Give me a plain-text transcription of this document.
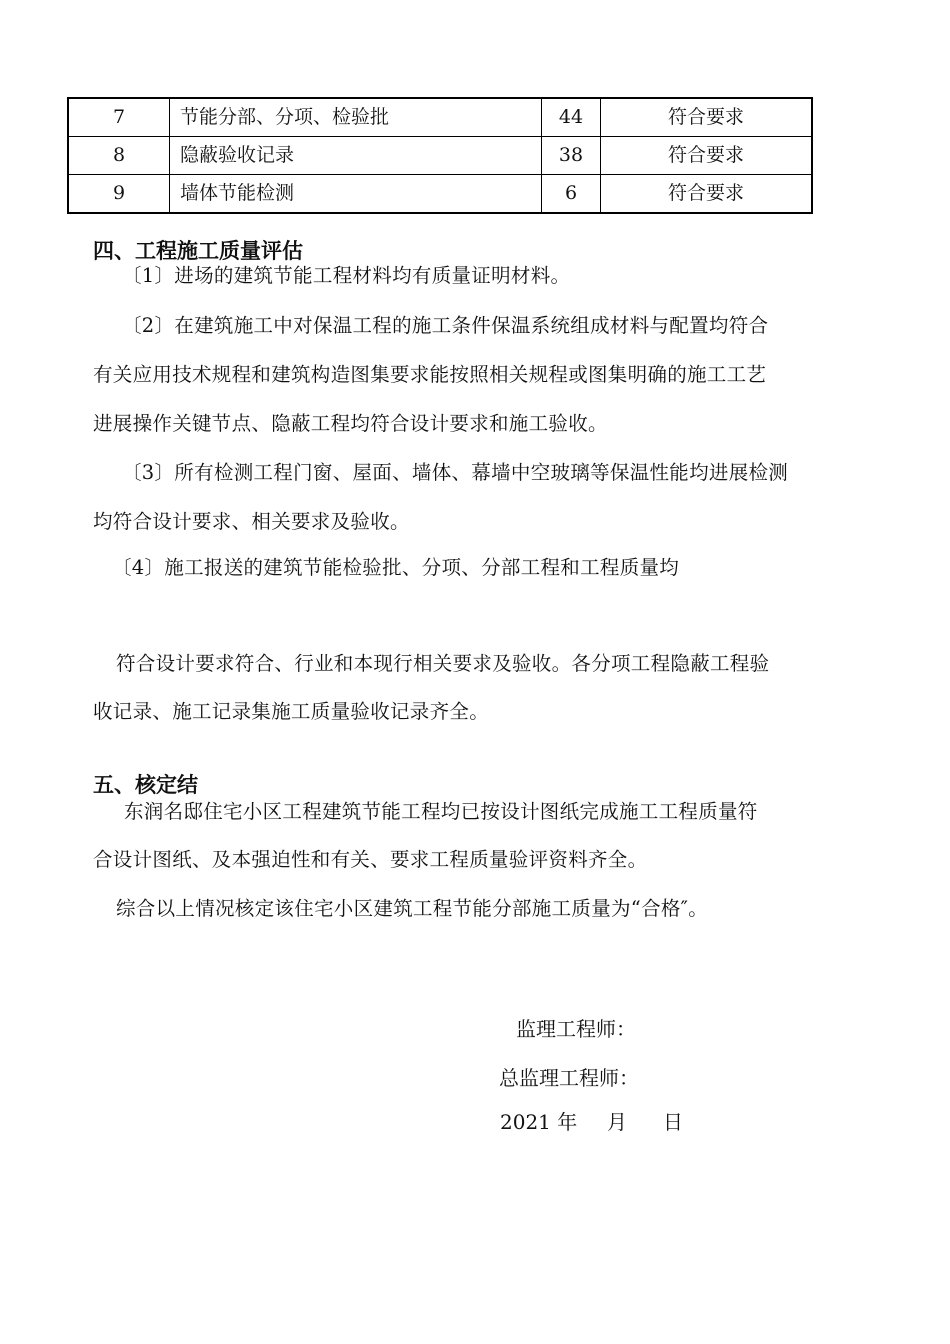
7	节能分部、分项、检验批	44	符合要求
8	隐蔽验收记录	38	符合要求
9	墙体节能检测	6	符合要求
四、工程施工质量评估
〔1〕进场的建筑节能工程材料均有质量证明材料。
〔2〕在建筑施工中对保温工程的施工条件保温系统组成材料与配置均符合
有关应用技术规程和建筑构造图集要求能按照相关规程或图集明确的施工工艺
进展操作关键节点、隐蔽工程均符合设计要求和施工验收。
〔3〕所有检测工程门窗、屋面、墙体、幕墙中空玻璃等保温性能均进展检测
均符合设计要求、相关要求及验收。
〔4〕施工报送的建筑节能检验批、分项、分部工程和工程质量均
符合设计要求符合、行业和本现行相关要求及验收。各分项工程隐蔽工程验
收记录、施工记录集施工质量验收记录齐全。
五、核定结
东润名邸住宅小区工程建筑节能工程均已按设计图纸完成施工工程质量符
合设计图纸、及本强迫性和有关、要求工程质量验评资料齐全。
综合以上情况核定该住宅小区建筑工程节能分部施工质量为“合格″。
监理工程师：
总监理工程师：
2021 年 月 日
